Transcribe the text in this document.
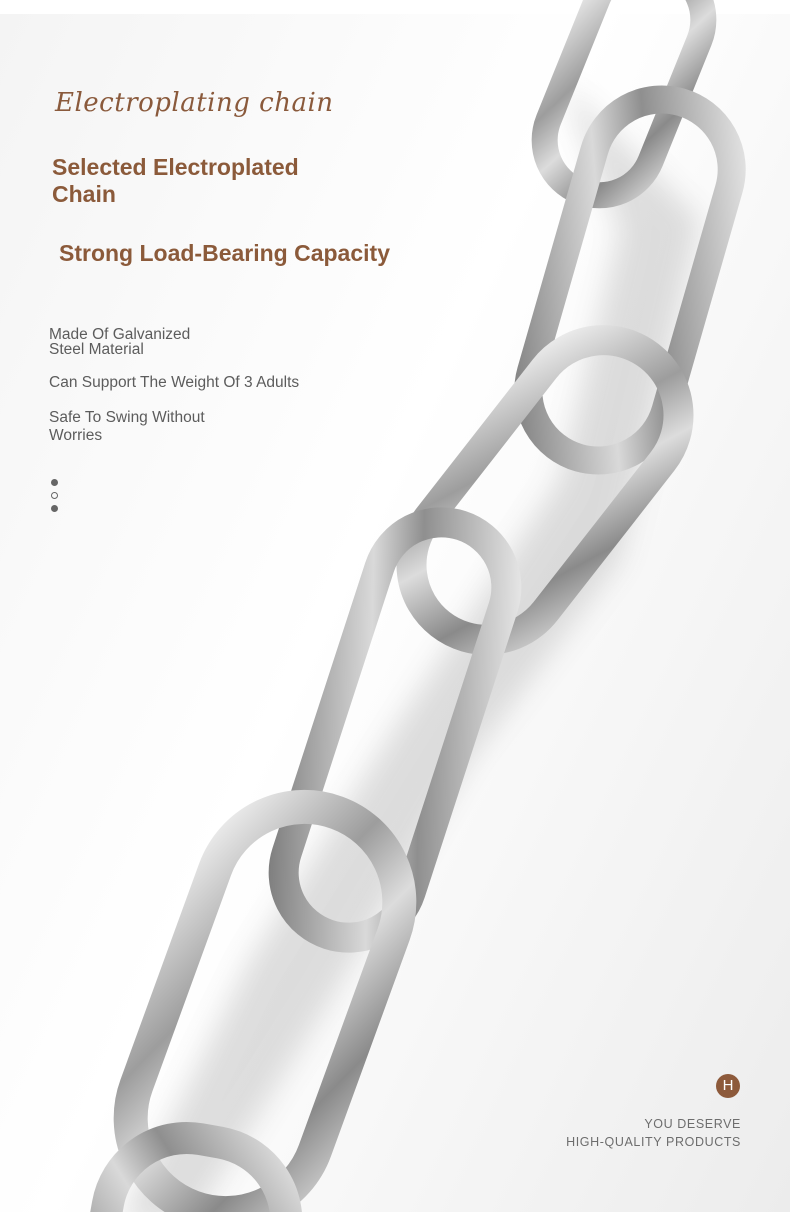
Electroplating chain
Selected Electroplated Chain
Strong Load-Bearing Capacity
Made Of Galvanized Steel Material
Can Support The Weight Of 3 Adults
Safe To Swing Without Worries
H
YOU DESERVE
HIGH-QUALITY PRODUCTS
